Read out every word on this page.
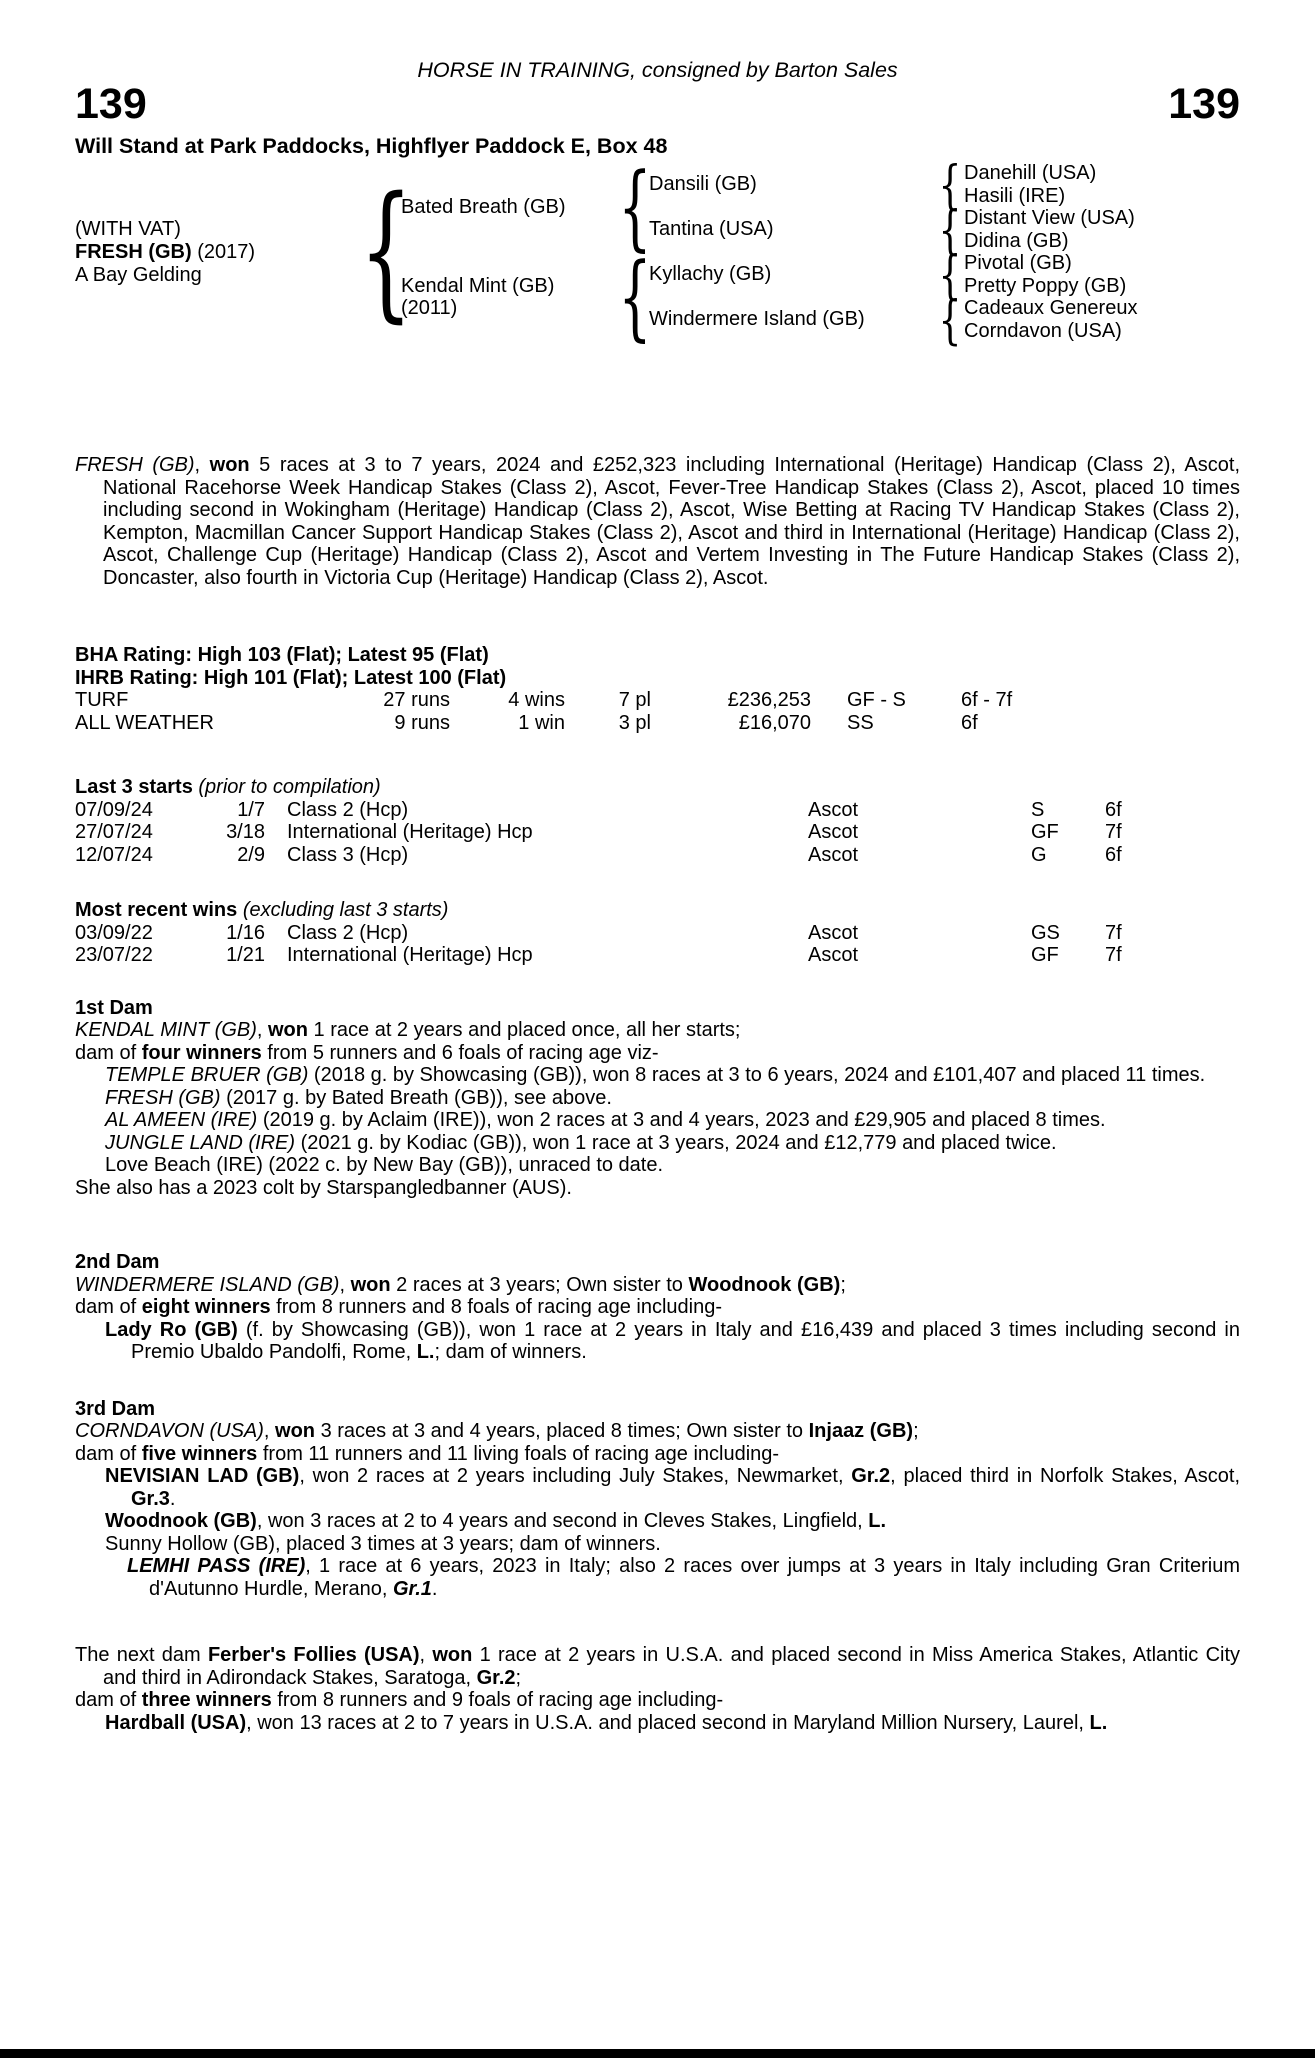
HORSE IN TRAINING, consigned by Barton Sales
139	139
Will Stand at Park Paddocks, Highflyer Paddock E, Box 48
(WITH VAT)
FRESH (GB) (2017)
A Bay Gelding	{
Bated Breath (GB) {
Dansili (GB)	{ Danehill (USA)
Hasili (IRE)
Tantina (USA)	{ Distant View (USA)
Didina (GB)
Kendal Mint (GB)
(2011)	{
Kyllachy (GB)	{ Pivotal (GB)
Pretty Poppy (GB)
Windermere Island (GB)	{ Cadeaux Genereux
Corndavon (USA)

FRESH (GB), won 5 races at 3 to 7 years, 2024 and £252,323 including International (Heritage) Handicap (Class 2), Ascot, National Racehorse Week Handicap Stakes (Class 2), Ascot, Fever-Tree Handicap Stakes (Class 2), Ascot, placed 10 times including second in Wokingham (Heritage) Handicap (Class 2), Ascot, Wise Betting at Racing TV Handicap Stakes (Class 2), Kempton, Macmillan Cancer Support Handicap Stakes (Class 2), Ascot and third in International (Heritage) Handicap (Class 2), Ascot, Challenge Cup (Heritage) Handicap (Class 2), Ascot and Vertem Investing in The Future Handicap Stakes (Class 2), Doncaster, also fourth in Victoria Cup (Heritage) Handicap (Class 2), Ascot.

BHA Rating: High 103 (Flat); Latest 95 (Flat)
IHRB Rating: High 101 (Flat); Latest 100 (Flat)
TURF	27 runs	4 wins	7 pl	£236,253 GF - S	6f - 7f
ALL WEATHER	9 runs	1 win	3 pl	£16,070 SS	6f
Last 3 starts (prior to compilation)
07/09/24	1/7 Class 2 (Hcp)	Ascot	S	6f
27/07/24	3/18 International (Heritage) Hcp	Ascot	GF	7f
12/07/24	2/9 Class 3 (Hcp)	Ascot	G	6f
Most recent wins (excluding last 3 starts)
03/09/22	1/16 Class 2 (Hcp)	Ascot	GS	7f
23/07/22	1/21 International (Heritage) Hcp	Ascot	GF	7f
1st Dam

KENDAL MINT (GB), won 1 race at 2 years and placed once, all her starts;

dam of four winners from 5 runners and 6 foals of racing age viz-

TEMPLE BRUER (GB) (2018 g. by Showcasing (GB)), won 8 races at 3 to 6 years, 2024 and £101,407 and placed 11 times.

FRESH (GB) (2017 g. by Bated Breath (GB)), see above.

AL AMEEN (IRE) (2019 g. by Aclaim (IRE)), won 2 races at 3 and 4 years, 2023 and £29,905 and placed 8 times.

JUNGLE LAND (IRE) (2021 g. by Kodiac (GB)), won 1 race at 3 years, 2024 and £12,779 and placed twice.

Love Beach (IRE) (2022 c. by New Bay (GB)), unraced to date.

She also has a 2023 colt by Starspangledbanner (AUS).

2nd Dam

WINDERMERE ISLAND (GB), won 2 races at 3 years; Own sister to Woodnook (GB);

dam of eight winners from 8 runners and 8 foals of racing age including-

Lady Ro (GB) (f. by Showcasing (GB)), won 1 race at 2 years in Italy and £16,439 and placed 3 times including second in Premio Ubaldo Pandolfi, Rome, L.; dam of winners.

3rd Dam

CORNDAVON (USA), won 3 races at 3 and 4 years, placed 8 times; Own sister to Injaaz (GB);

dam of five winners from 11 runners and 11 living foals of racing age including-

NEVISIAN LAD (GB), won 2 races at 2 years including July Stakes, Newmarket, Gr.2, placed third in Norfolk Stakes, Ascot, Gr.3.

Woodnook (GB), won 3 races at 2 to 4 years and second in Cleves Stakes, Lingfield, L.

Sunny Hollow (GB), placed 3 times at 3 years; dam of winners.

LEMHI PASS (IRE), 1 race at 6 years, 2023 in Italy; also 2 races over jumps at 3 years in Italy including Gran Criterium d'Autunno Hurdle, Merano, Gr.1.

The next dam Ferber's Follies (USA), won 1 race at 2 years in U.S.A. and placed second in Miss America Stakes, Atlantic City and third in Adirondack Stakes, Saratoga, Gr.2;

dam of three winners from 8 runners and 9 foals of racing age including-

Hardball (USA), won 13 races at 2 to 7 years in U.S.A. and placed second in Maryland Million Nursery, Laurel, L.
